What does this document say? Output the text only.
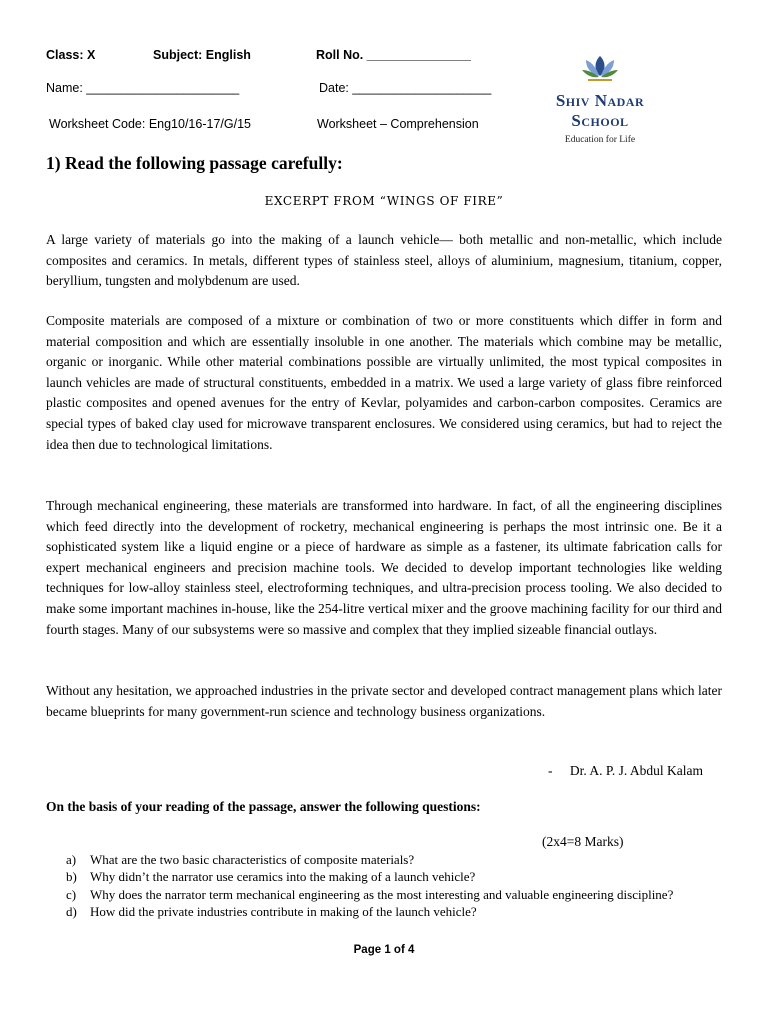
Class: X	Subject: English	Roll No. _______________
Name: ______________________	Date: ____________________
Worksheet Code: Eng10/16-17/G/15	Worksheet – Comprehension
Shiv Nadar School
Education for Life
1) Read the following passage carefully:
EXCERPT FROM “WINGS OF FIRE”

A large variety of materials go into the making of a launch vehicle— both metallic and non-metallic, which include composites and ceramics. In metals, different types of stainless steel, alloys of aluminium, magnesium, titanium, copper, beryllium, tungsten and molybdenum are used.

Composite materials are composed of a mixture or combination of two or more constituents which differ in form and material composition and which are essentially insoluble in one another. The materials which combine may be metallic, organic or inorganic. While other material combinations possible are virtually unlimited, the most typical composites in launch vehicles are made of structural constituents, embedded in a matrix. We used a large variety of glass fibre reinforced plastic composites and opened avenues for the entry of Kevlar, polyamides and carbon-carbon composites. Ceramics are special types of baked clay used for microwave transparent enclosures. We considered using ceramics, but had to reject the idea then due to technological limitations.

Through mechanical engineering, these materials are transformed into hardware. In fact, of all the engineering disciplines which feed directly into the development of rocketry, mechanical engineering is perhaps the most intrinsic one. Be it a sophisticated system like a liquid engine or a piece of hardware as simple as a fastener, its ultimate fabrication calls for expert mechanical engineers and precision machine tools. We decided to develop important technologies like welding techniques for low-alloy stainless steel, electroforming techniques, and ultra-precision process tooling. We also decided to make some important machines in-house, like the 254-litre vertical mixer and the groove machining facility for our third and fourth stages. Many of our subsystems were so massive and complex that they implied sizeable financial outlays.

Without any hesitation, we approached industries in the private sector and developed contract management plans which later became blueprints for many government-run science and technology business organizations.

- Dr. A. P. J. Abdul Kalam
On the basis of your reading of the passage, answer the following questions:
(2x4=8 Marks)
a) What are the two basic characteristics of composite materials?
b) Why didn’t the narrator use ceramics into the making of a launch vehicle?
c) Why does the narrator term mechanical engineering as the most interesting and valuable engineering discipline?
d) How did the private industries contribute in making of the launch vehicle?
Page 1 of 4
